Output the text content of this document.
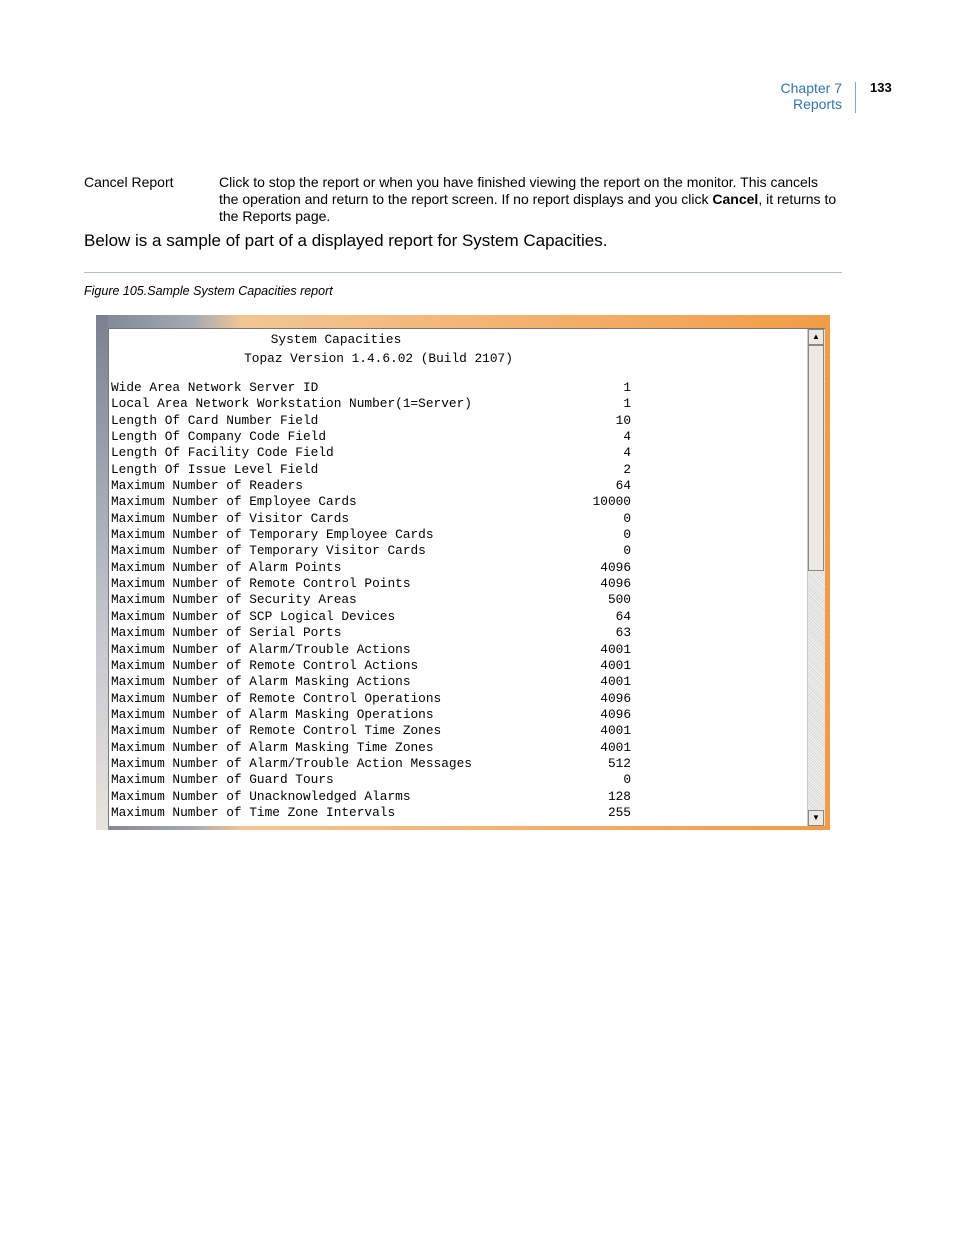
Chapter 7
Reports
133
Cancel Report	Click to stop the report or when you have finished viewing the report on the monitor. This cancels the operation and return to the report screen. If no report displays and you click Cancel, it returns to the Reports page.
Below is a sample of part of a displayed report for System Capacities.
Figure 105.Sample System Capacities report
System Capacities
Topaz Version 1.4.6.02 (Build 2107)
Wide Area Network Server ID	1
Local Area Network Workstation Number(1=Server)	1
Length Of Card Number Field	10
Length Of Company Code Field	4
Length Of Facility Code Field	4
Length Of Issue Level Field	2
Maximum Number of Readers	64
Maximum Number of Employee Cards	10000
Maximum Number of Visitor Cards	0
Maximum Number of Temporary Employee Cards	0
Maximum Number of Temporary Visitor Cards	0
Maximum Number of Alarm Points	4096
Maximum Number of Remote Control Points	4096
Maximum Number of Security Areas	500
Maximum Number of SCP Logical Devices	64
Maximum Number of Serial Ports	63
Maximum Number of Alarm/Trouble Actions	4001
Maximum Number of Remote Control Actions	4001
Maximum Number of Alarm Masking Actions	4001
Maximum Number of Remote Control Operations	4096
Maximum Number of Alarm Masking Operations	4096
Maximum Number of Remote Control Time Zones	4001
Maximum Number of Alarm Masking Time Zones	4001
Maximum Number of Alarm/Trouble Action Messages	512
Maximum Number of Guard Tours	0
Maximum Number of Unacknowledged Alarms	128
Maximum Number of Time Zone Intervals	255
▲
▼
